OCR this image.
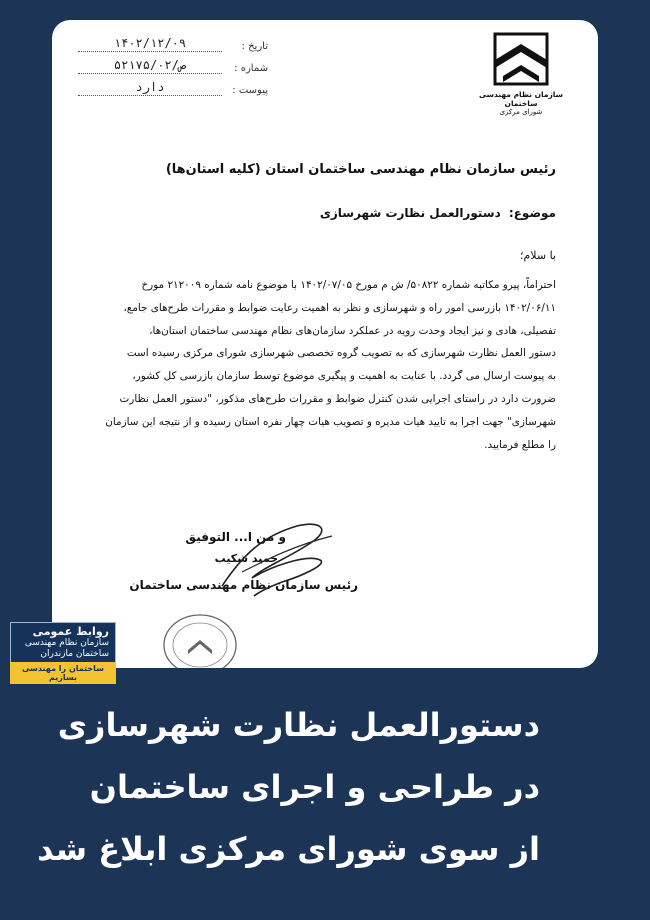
تاریخ :
۱۴۰۲/۱۲/۰۹
شماره :
۵۲۱۷۵/۰۲/ص
پیوست :
دارد
سازمان نظام مهندسی ساختمان
شورای مرکزی
رئیس سازمان نظام مهندسی ساختمان استان (کلیه استان‌ها)
موضوع: دستورالعمل نظارت شهرسازی
با سلام؛
احتراماً، پیرو مکاتبه شماره ۵۰۸۲۲/ ش م مورخ ۱۴۰۲/۰۷/۰۵ با موضوع نامه شماره ۲۱۲۰۰۹ مورخ
۱۴۰۲/۰۶/۱۱ بازرسی امور راه و شهرسازی و نظر به اهمیت رعایت ضوابط و مقررات طرح‌های جامع،
تفصیلی، هادی و نیز ایجاد وحدت رویه در عملکرد سازمان‌های نظام مهندسی ساختمان استان‌ها،
دستور العمل نظارت شهرسازی که به تصویب گروه تخصصی شهرسازی شورای مرکزی رسیده است
به پیوست ارسال می گردد. با عنایت به اهمیت و پیگیری موضوع توسط سازمان بازرسی کل کشور،
ضرورت دارد در راستای اجرایی شدن کنترل ضوابط و مقررات طرح‌های مذکور، "دستور العمل نظارت
شهرسازی" جهت اجرا به تایید هیات مدیره و تصویب هیات چهار نفره استان رسیده و از نتیجه این سازمان
را مطلع فرمایید.
و من ا... التوفیق
حمید شکیب
رئیس سازمان نظام مهندسی ساختمان
روابط عمومی
سازمان نظام مهندسی
ساختمان مازندران
ساختمان را مهندسی بسازیم
دستورالعمل نظارت شهرسازی
در طراحی و اجرای ساختمان
از سوی شورای مرکزی ابلاغ شد
